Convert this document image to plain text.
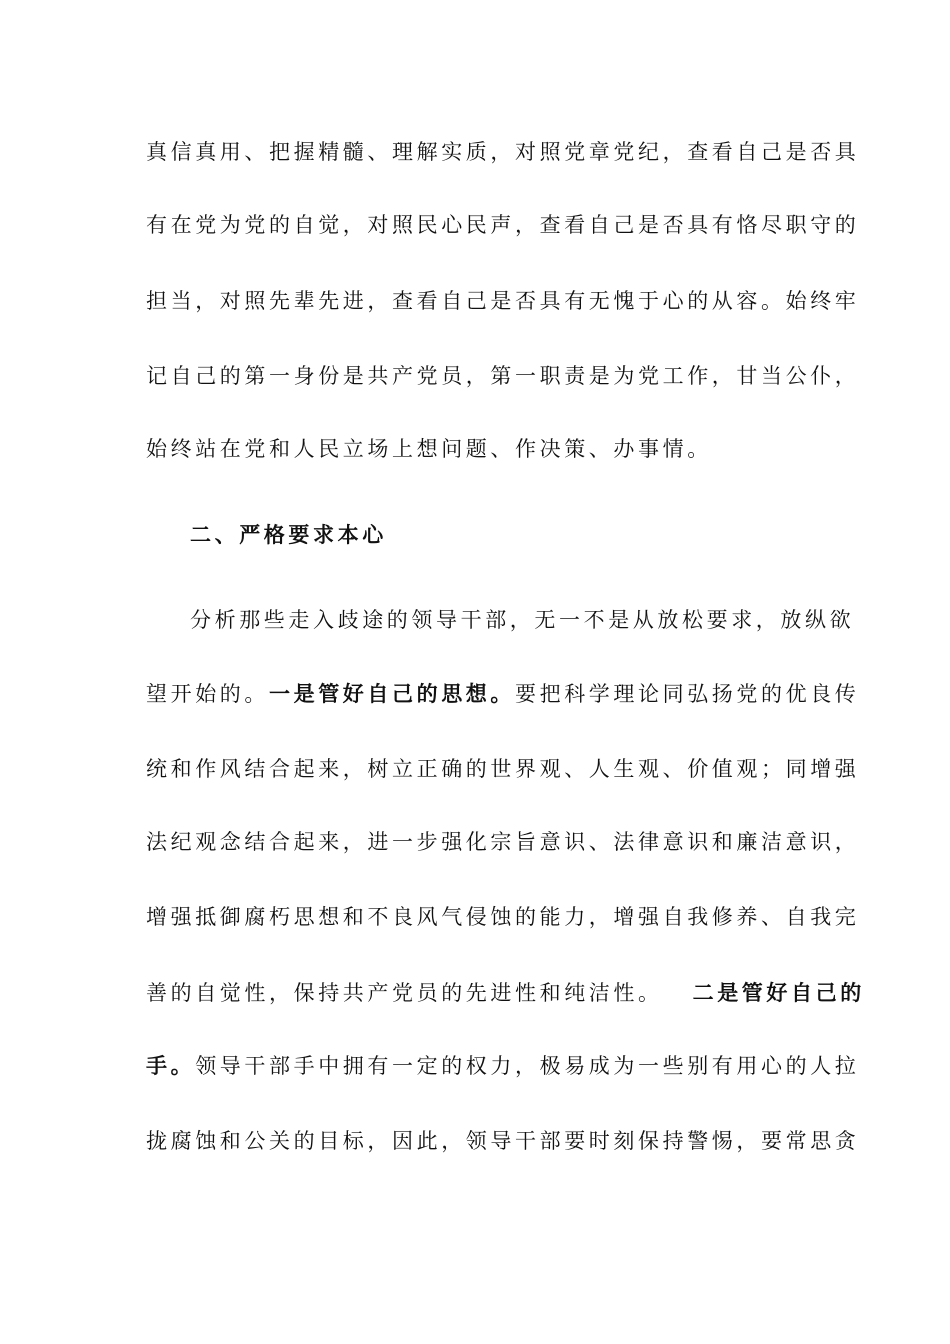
真信真用、把握精髓、理解实质，对照党章党纪，查看自己是否具
有在党为党的自觉，对照民心民声，查看自己是否具有恪尽职守的
担当，对照先辈先进，查看自己是否具有无愧于心的从容。始终牢
记自己的第一身份是共产党员，第一职责是为党工作，甘当公仆，
始终站在党和人民立场上想问题、作决策、办事情。
二、严格要求本心
分析那些走入歧途的领导干部，无一不是从放松要求，放纵欲
望开始的。一是管好自己的思想。要把科学理论同弘扬党的优良传
统和作风结合起来，树立正确的世界观、人生观、价值观；同增强
法纪观念结合起来，进一步强化宗旨意识、法律意识和廉洁意识，
增强抵御腐朽思想和不良风气侵蚀的能力，增强自我修养、自我完
善的自觉性，保持共产党员的先进性和纯洁性。 二是管好自己的
手。领导干部手中拥有一定的权力，极易成为一些别有用心的人拉
拢腐蚀和公关的目标，因此，领导干部要时刻保持警惕，要常思贪
